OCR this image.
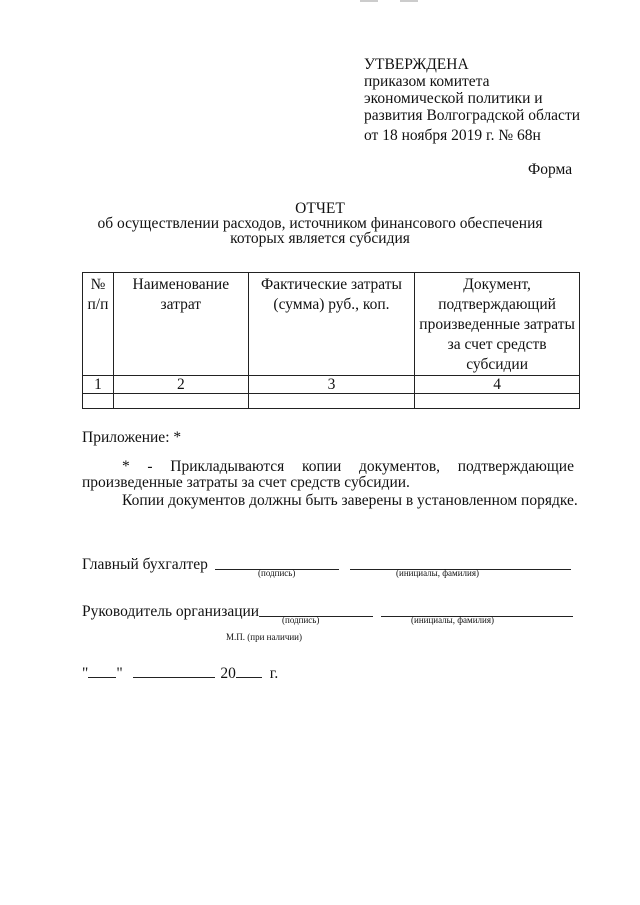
УТВЕРЖДЕНА
приказом комитета
экономической политики и
развития Волгоградской области
от 18 ноября 2019 г. № 68н
Форма
ОТЧЕТ
об осуществлении расходов, источником финансового обеспечения
которых является субсидия
№ п/п	Наименование затрат	Фактические затраты (сумма) руб., коп.	Документ, подтверждающий произведенные затраты за счет средств субсидии
1	2	3	4

Приложение: *
* - Прикладываются копии документов, подтверждающие
произведенные затраты за счет средств субсидии.
Копии документов должны быть заверены в установленном порядке.
Главный бухгалтер	(подпись)	(инициалы, фамилия)
Руководитель организации	(подпись)	(инициалы, фамилия)
М.П. (при наличии)
" "	20 г.
